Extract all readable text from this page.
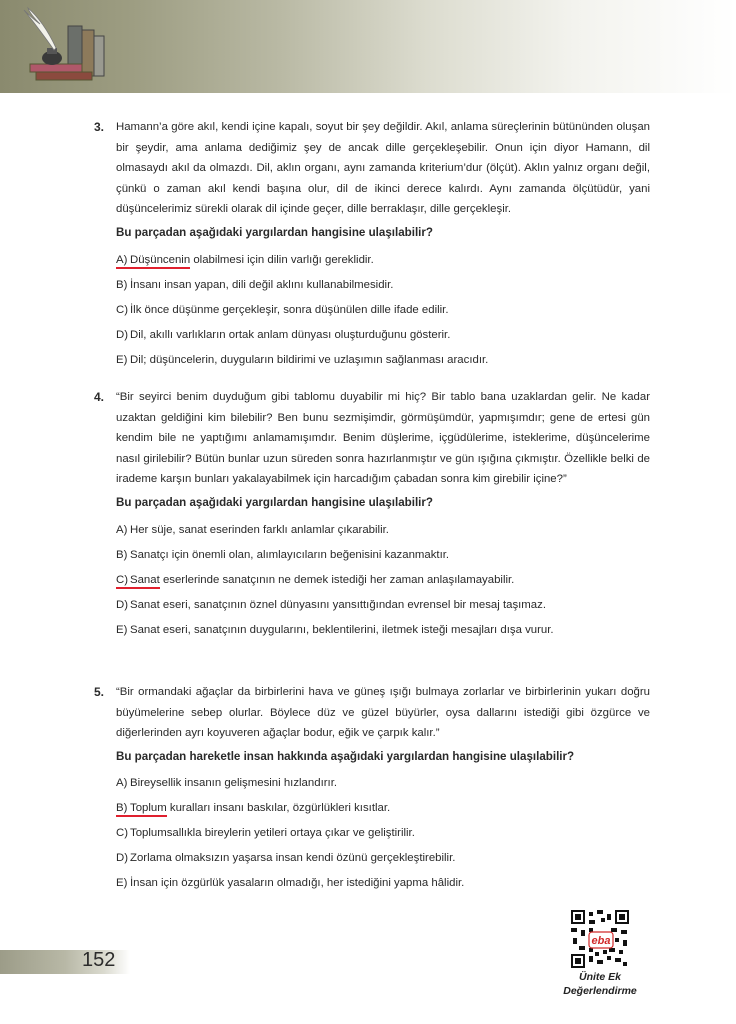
3. Hamann’a göre akıl, kendi içine kapalı, soyut bir şey değildir. Akıl, anlama süreçlerinin bütününden oluşan bir şeydir, ama anlama dediğimiz şey de ancak dille gerçekleşebilir. Onun için diyor Hamann, dil olmasaydı akıl da olmazdı. Dil, aklın organı, aynı zamanda kriterium’dur (ölçüt). Aklın yalnız organı değil, çünkü o zaman akıl kendi başına olur, dil de ikinci derece kalırdı. Aynı zamanda ölçütüdür, yani düşüncelerimiz sürekli olarak dil içinde geçer, dille berraklaşır, dille gerçekleşir.

Bu parçadan aşağıdaki yargılardan hangisine ulaşılabilir?
A) Düşüncenin olabilmesi için dilin varlığı gereklidir.
B) İnsanı insan yapan, dili değil aklını kullanabilmesidir.
C) İlk önce düşünme gerçekleşir, sonra düşünülen dille ifade edilir.
D) Dil, akıllı varlıkların ortak anlam dünyası oluşturduğunu gösterir.
E) Dil; düşüncelerin, duyguların bildirimi ve uzlaşımın sağlanması aracıdır.
4. “Bir seyirci benim duyduğum gibi tablomu duyabilir mi hiç? Bir tablo bana uzaklardan gelir. Ne kadar uzaktan geldiğini kim bilebilir? Ben bunu sezmişimdir, görmüşümdür, yapmışımdır; gene de ertesi gün kendim bile ne yaptığımı anlamamışımdır. Benim düşlerime, içgüdülerime, isteklerime, düşüncelerime nasıl girilebilir? Bütün bunlar uzun süreden sonra hazırlanmıştır ve gün ışığına çıkmıştır. Özellikle belki de irademe karşın bunları yakalayabilmek için harcadığım çabadan sonra kim girebilir içine?”

Bu parçadan aşağıdaki yargılardan hangisine ulaşılabilir?
A) Her süje, sanat eserinden farklı anlamlar çıkarabilir.
B) Sanatçı için önemli olan, alımlayıcıların beğenisini kazanmaktır.
C) Sanat eserlerinde sanatçının ne demek istediği her zaman anlaşılamayabilir.
D) Sanat eseri, sanatçının öznel dünyasını yansıttığından evrensel bir mesaj taşımaz.
E) Sanat eseri, sanatçının duygularını, beklentilerini, iletmek isteği mesajları dışa vurur.
5. “Bir ormandaki ağaçlar da birbirlerini hava ve güneş ışığı bulmaya zorlarlar ve birbirlerinin yukarı doğru büyümelerine sebep olurlar. Böylece düz ve güzel büyürler, oysa dallarını istediği gibi özgürce ve diğerlerinden ayrı koyuveren ağaçlar bodur, eğik ve çarpık kalır.”

Bu parçadan hareketle insan hakkında aşağıdaki yargılardan hangisine ulaşılabilir?
A) Bireysellik insanın gelişmesini hızlandırır.
B) Toplum kuralları insanı baskılar, özgürlükleri kısıtlar.
C) Toplumsallıkla bireylerin yetileri ortaya çıkar ve geliştirilir.
D) Zorlama olmaksızın yaşarsa insan kendi özünü gerçekleştirebilir.
E) İnsan için özgürlük yasaların olmadığı, her istediğini yapma hâlidir.
152
eba
Ünite Ek
Değerlendirme
